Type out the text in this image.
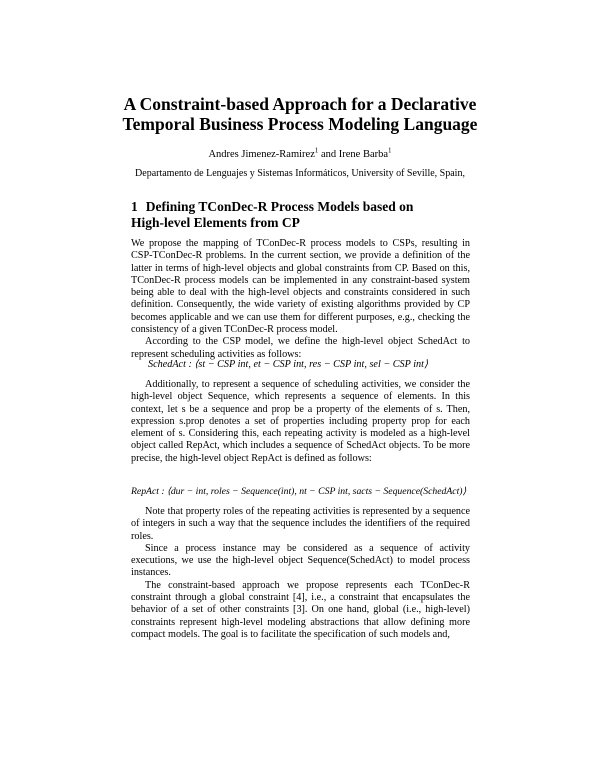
A Constraint-based Approach for a Declarative
Temporal Business Process Modeling Language
Andres Jimenez-Ramirez$^1$ and Irene Barba$^1$
Departamento de Lenguajes y Sistemas Informáticos, University of Seville, Spain,
1 Defining TConDec-R Process Models based on
High-level Elements from CP

We propose the mapping of TConDec-R process models to CSPs, resulting in CSP-TConDec-R problems. In the current section, we provide a definition of the latter in terms of high-level objects and global constraints from CP. Based on this, TConDec-R process models can be implemented in any constraint-based system being able to deal with the high-level objects and constraints considered in such definition. Consequently, the wide variety of existing algorithms provided by CP becomes applicable and we can use them for different purposes, e.g., checking the consistency of a given TConDec-R process model.

According to the CSP model, we define the high-level object SchedAct to represent scheduling activities as follows:

SchedAct : ⟨st − CSP int, et − CSP int, res − CSP int, sel − CSP int⟩

Additionally, to represent a sequence of scheduling activities, we consider the high-level object Sequence, which represents a sequence of elements. In this context, let s be a sequence and prop be a property of the elements of s. Then, expression s.prop denotes a set of properties including property prop for each element of s. Considering this, each repeating activity is modeled as a high-level object called RepAct, which includes a sequence of SchedAct objects. To be more precise, the high-level object RepAct is defined as follows:

RepAct : ⟨dur − int, roles − Sequence(int), nt − CSP int, sacts − Sequence(SchedAct)⟩

Note that property roles of the repeating activities is represented by a sequence of integers in such a way that the sequence includes the identifiers of the required roles.

Since a process instance may be considered as a sequence of activity executions, we use the high-level object Sequence(SchedAct) to model process instances.

The constraint-based approach we propose represents each TConDec-R constraint through a global constraint [4], i.e., a constraint that encapsulates the behavior of a set of other constraints [3]. On one hand, global (i.e., high-level) constraints represent high-level modeling abstractions that allow defining more compact models. The goal is to facilitate the specification of such models and,
